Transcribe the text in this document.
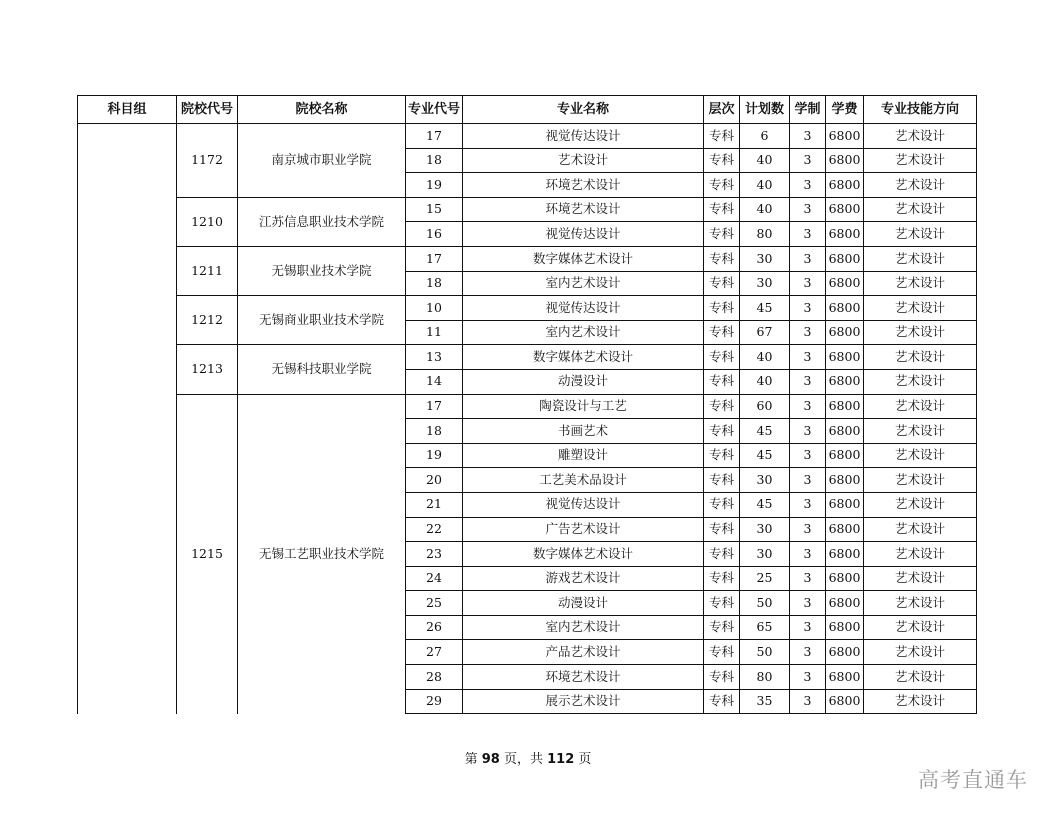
科目组	院校代号	院校名称	专业代号	专业名称	层次	计划数	学制	学费	专业技能方向
	1172	南京城市职业学院	17	视觉传达设计	专科	6	3	6800	艺术设计
			18	艺术设计	专科	40	3	6800	艺术设计
			19	环境艺术设计	专科	40	3	6800	艺术设计
	1210	江苏信息职业技术学院	15	环境艺术设计	专科	40	3	6800	艺术设计
			16	视觉传达设计	专科	80	3	6800	艺术设计
	1211	无锡职业技术学院	17	数字媒体艺术设计	专科	30	3	6800	艺术设计
			18	室内艺术设计	专科	30	3	6800	艺术设计
	1212	无锡商业职业技术学院	10	视觉传达设计	专科	45	3	6800	艺术设计
			11	室内艺术设计	专科	67	3	6800	艺术设计
	1213	无锡科技职业学院	13	数字媒体艺术设计	专科	40	3	6800	艺术设计
			14	动漫设计	专科	40	3	6800	艺术设计
	1215	无锡工艺职业技术学院	17	陶瓷设计与工艺	专科	60	3	6800	艺术设计
			18	书画艺术	专科	45	3	6800	艺术设计
			19	雕塑设计	专科	45	3	6800	艺术设计
			20	工艺美术品设计	专科	30	3	6800	艺术设计
			21	视觉传达设计	专科	45	3	6800	艺术设计
			22	广告艺术设计	专科	30	3	6800	艺术设计
			23	数字媒体艺术设计	专科	30	3	6800	艺术设计
			24	游戏艺术设计	专科	25	3	6800	艺术设计
			25	动漫设计	专科	50	3	6800	艺术设计
			26	室内艺术设计	专科	65	3	6800	艺术设计
			27	产品艺术设计	专科	50	3	6800	艺术设计
			28	环境艺术设计	专科	80	3	6800	艺术设计
			29	展示艺术设计	专科	35	3	6800	艺术设计
第 98 页，共 112 页
高考直通车
